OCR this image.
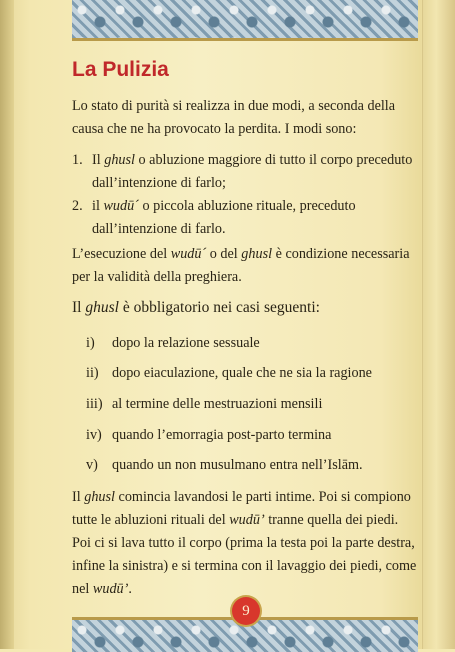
La Pulizia

Lo stato di purità si realizza in due modi, a seconda della causa che ne ha provocato la perdita. I modi sono:

1. Il ghusl o abluzione maggiore di tutto il corpo preceduto dall’intenzione di farlo;
2. il wudū´ o piccola abluzione rituale, preceduto dall’intenzione di farlo.

L’esecuzione del wudū´ o del ghusl è condizione necessaria per la validità della preghiera.

Il ghusl è obbligatorio nei casi seguenti:

i) dopo la relazione sessuale
ii) dopo eiaculazione, quale che ne sia la ragione
iii) al termine delle mestruazioni mensili
iv) quando l’emorragia post-parto termina
v) quando un non musulmano entra nell’Islām.

Il ghusl comincia lavandosi le parti intime. Poi si compiono tutte le abluzioni rituali del wudū’ tranne quella dei piedi. Poi ci si lava tutto il corpo (prima la testa poi la parte destra, infine la sinistra) e si termina con il lavaggio dei piedi, come nel wudū’.

9
